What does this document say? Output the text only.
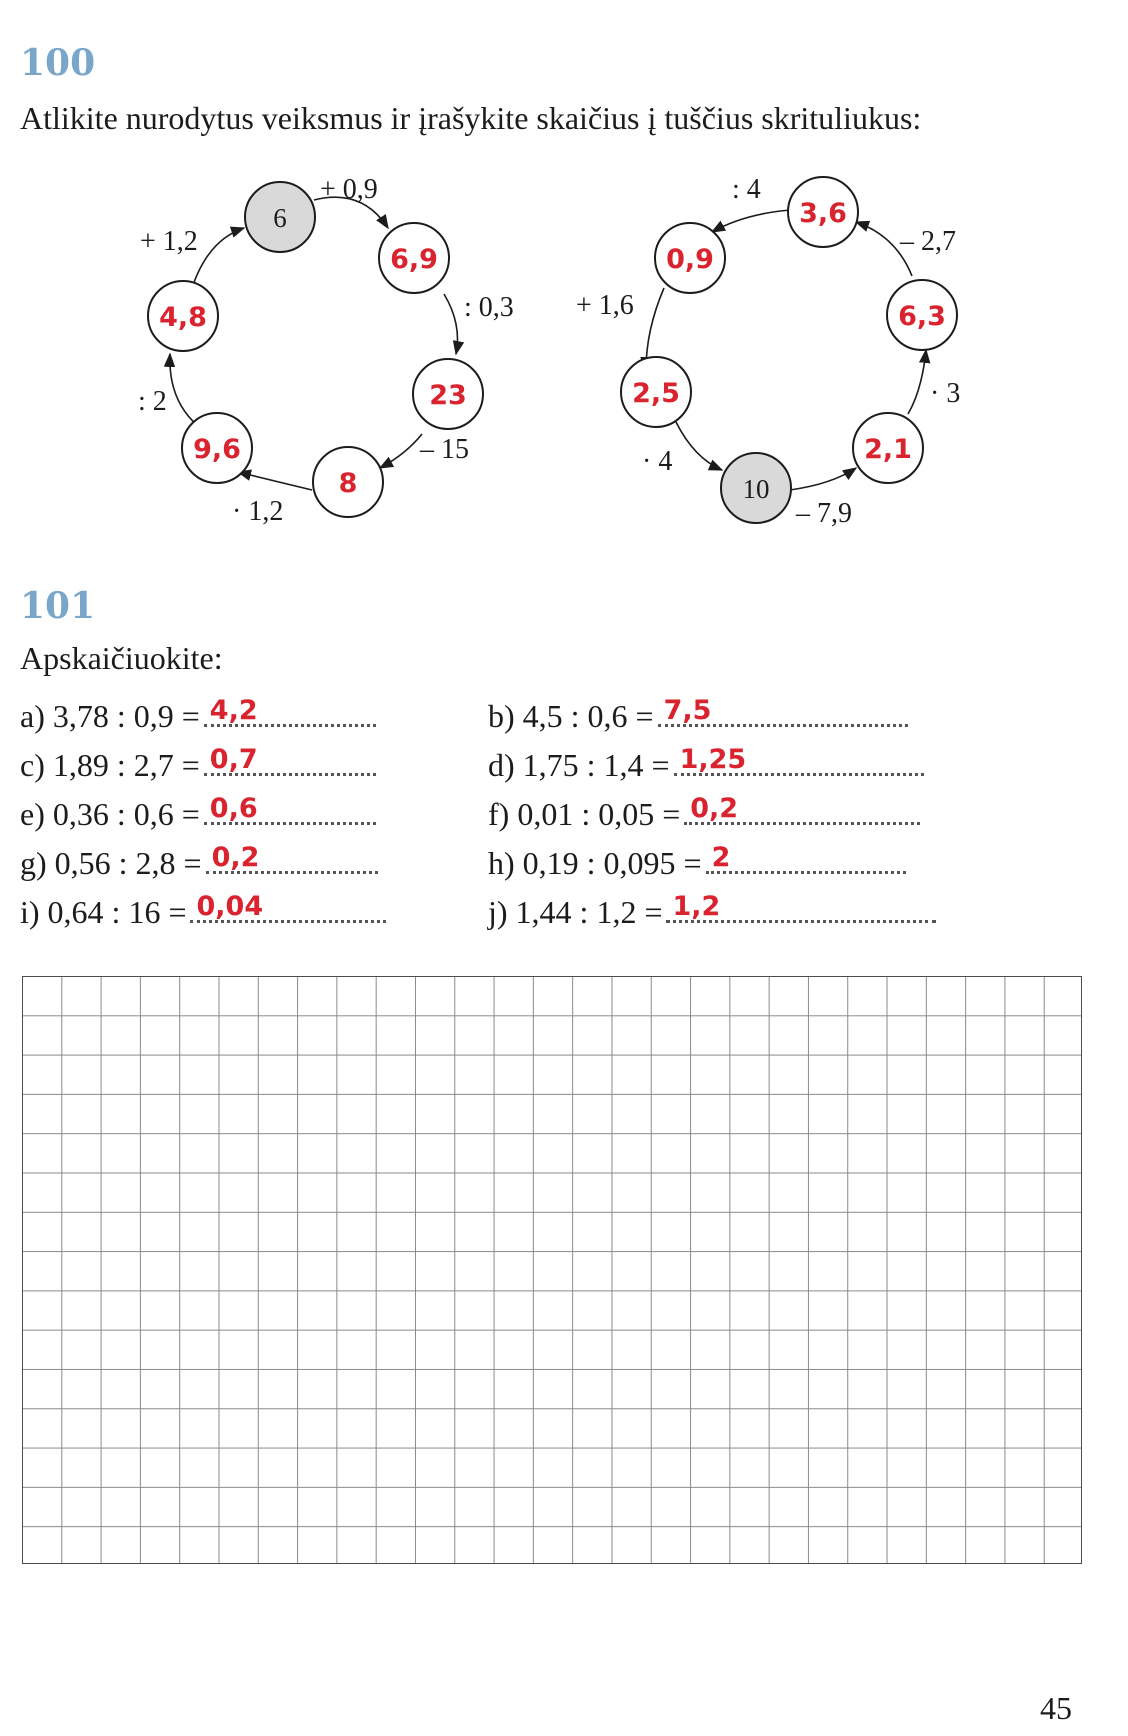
100
Atlikite nurodytus veiksmus ir įrašykite skaičius į tuščius skrituliukus:
6
6,9
23
8
9,6
4,8
+ 0,9
: 0,3
– 15
· 1,2
: 2
+ 1,2
10
2,1
6,3
3,6
0,9
2,5
– 7,9
· 3
– 2,7
: 4
+ 1,6
· 4
101
Apskaičiuokite:
a) 3,78 : 0,9 = 4,2	b) 4,5 : 0,6 = 7,5
c) 1,89 : 2,7 = 0,7	d) 1,75 : 1,4 = 1,25
e) 0,36 : 0,6 = 0,6	f) 0,01 : 0,05 = 0,2
g) 0,56 : 2,8 = 0,2	h) 0,19 : 0,095 = 2
i) 0,64 : 16 = 0,04	j) 1,44 : 1,2 = 1,2
45
